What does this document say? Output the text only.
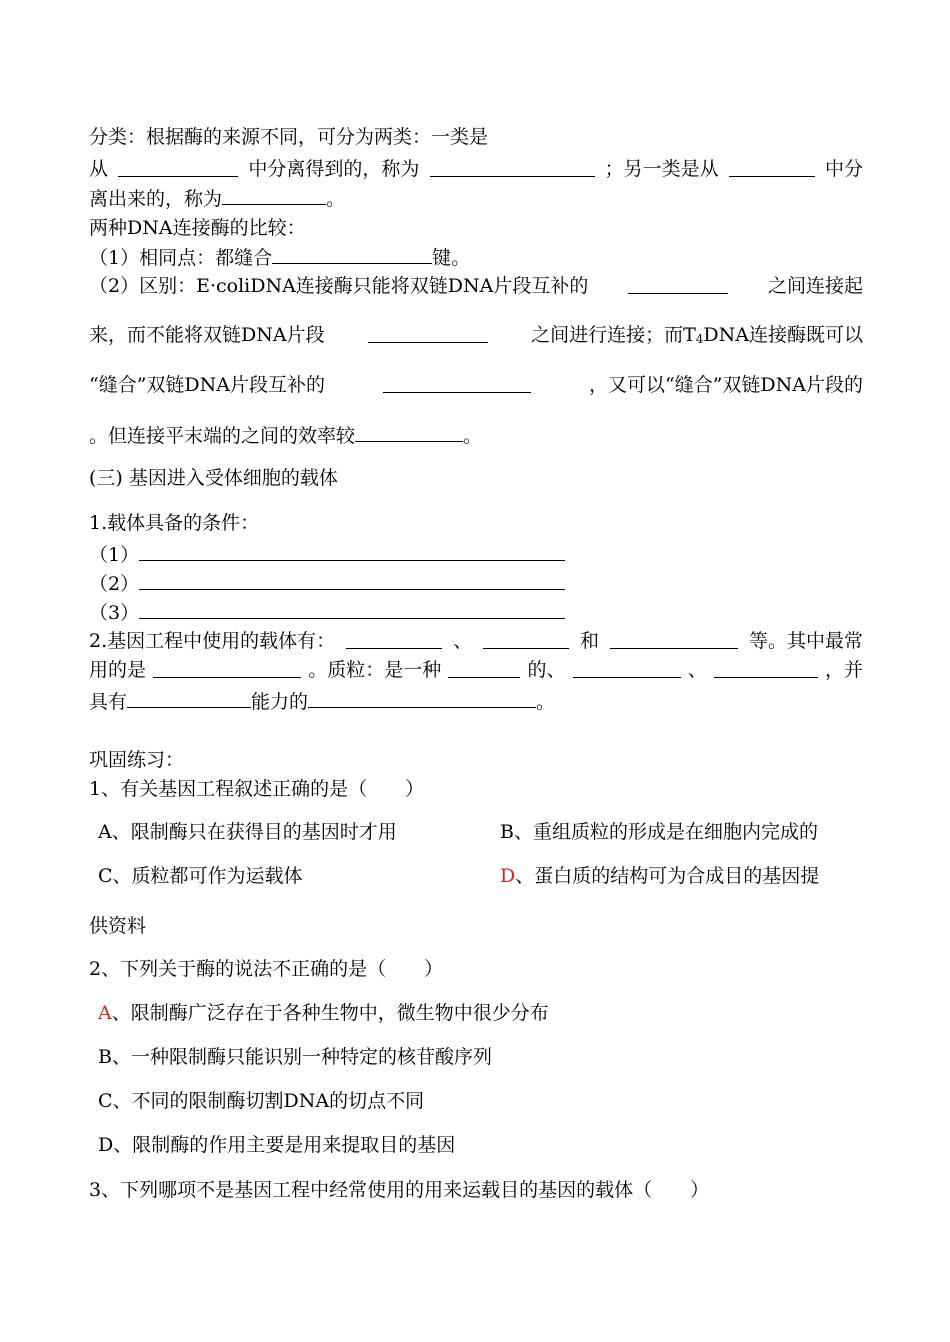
分类：根据酶的来源不同，可分为两类：一类是
从	中分离得到的，称为	；另一类是从	中分
离出来的，称为	。
两种DNA连接酶的比较：
（1）相同点：都缝合	键。
（2）区别：E·coliDNA连接酶只能将双链DNA片段互补的	之间连接起
来，而不能将双链DNA片段	之间进行连接；而$T_4DNA$连接酶既可以
“缝合”双链DNA片段互补的	，又可以“缝合”双链DNA片段的
。但连接平末端的之间的效率较	。
(三) 基因进入受体细胞的载体
1.载体具备的条件：
（1）
（2）
（3）
2.基因工程中使用的载体有：	、	和	等。其中最常
用的是	。质粒：是一种	的、	、	，并
具有	能力的	。
巩固练习：
1、有关基因工程叙述正确的是（　　）
A、限制酶只在获得目的基因时才用	B、重组质粒的形成是在细胞内完成的
C、质粒都可作为运载体	D、蛋白质的结构可为合成目的基因提
供资料
2、下列关于酶的说法不正确的是（　　）
A、限制酶广泛存在于各种生物中，微生物中很少分布
B、一种限制酶只能识别一种特定的核苷酸序列
C、不同的限制酶切割DNA的切点不同
D、限制酶的作用主要是用来提取目的基因
3、下列哪项不是基因工程中经常使用的用来运载目的基因的载体（　　）
